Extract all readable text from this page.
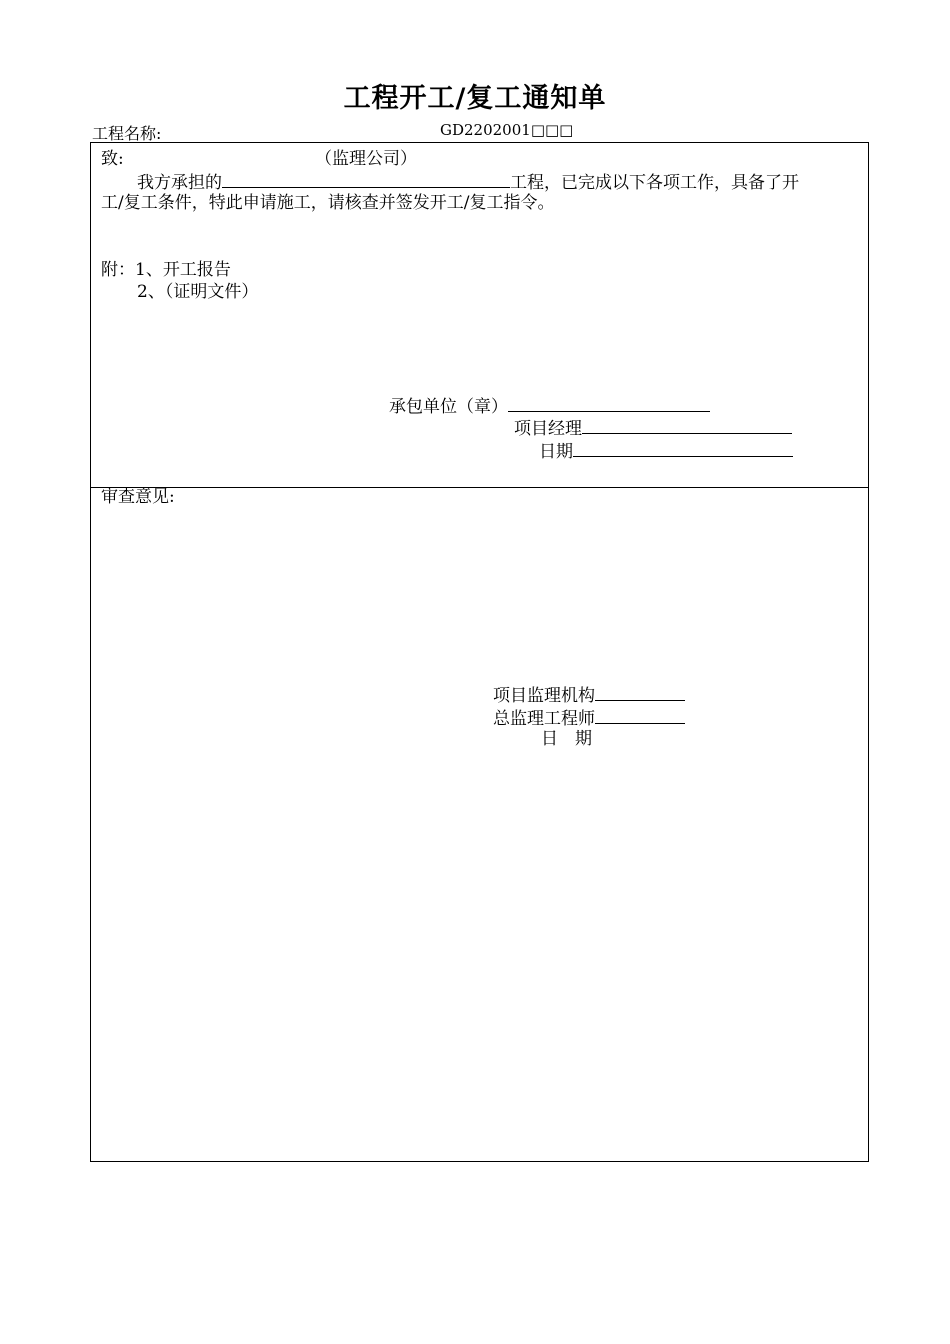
工程开工/复工通知单
工程名称:	GD2202001□□□
致:	（监理公司）
我方承担的	工程，已完成以下各项工作，具备了开
工/复工条件，特此申请施工，请核查并签发开工/复工指令。
附：1、开工报告
2、（证明文件）
承包单位（章）
项目经理
日期
审查意见:
项目监理机构
总监理工程师
日　期
